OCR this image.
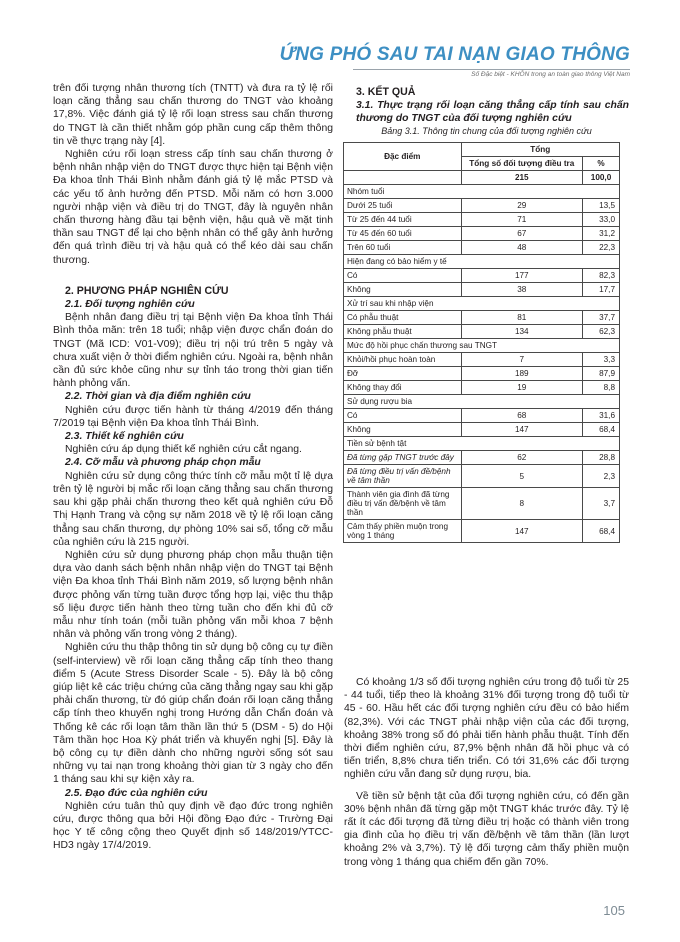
ỨNG PHÓ SAU TAI NẠN GIAO THÔNG
Số Đặc biệt - KHÔN trong an toàn giao thông Việt Nam

trên đối tượng nhân thương tích (TNTT) và đưa ra tỷ lệ rối loạn căng thẳng sau chấn thương do TNGT vào khoảng 17,8%. Việc đánh giá tỷ lệ rối loạn stress sau chấn thương do TNGT là cần thiết nhằm góp phần cung cấp thêm thông tin về thực trạng này [4].

Nghiên cứu rối loạn stress cấp tính sau chấn thương ở bệnh nhân nhập viện do TNGT được thực hiện tại Bệnh viện Đa khoa tỉnh Thái Bình nhằm đánh giá tỷ lệ mắc PTSD và các yếu tố ảnh hưởng đến PTSD. Mỗi năm có hơn 3.000 người nhập viện và điều trị do TNGT, đây là nguyên nhân chấn thương hàng đầu tại bệnh viện, hậu quả về mặt tinh thần sau TNGT để lại cho bệnh nhân có thể gây ảnh hưởng đến quá trình điều trị và hậu quả có thể kéo dài sau chấn thương.

2. PHƯƠNG PHÁP NGHIÊN CỨU

2.1. Đối tượng nghiên cứu

Bệnh nhân đang điều trị tại Bệnh viện Đa khoa tỉnh Thái Bình thỏa mãn: trên 18 tuổi; nhập viện được chẩn đoán do TNGT (Mã ICD: V01-V09); điều trị nội trú trên 5 ngày và chưa xuất viện ở thời điểm nghiên cứu. Ngoài ra, bệnh nhân cần đủ sức khỏe cũng như sự tỉnh táo trong thời gian tiến hành phỏng vấn.

2.2. Thời gian và địa điểm nghiên cứu

Nghiên cứu được tiến hành từ tháng 4/2019 đến tháng 7/2019 tại Bệnh viện Đa khoa tỉnh Thái Bình.

2.3. Thiết kế nghiên cứu

Nghiên cứu áp dụng thiết kế nghiên cứu cắt ngang.

2.4. Cỡ mẫu và phương pháp chọn mẫu

Nghiên cứu sử dụng công thức tính cỡ mẫu một tỉ lệ dựa trên tỷ lệ người bị mắc rối loạn căng thẳng sau chấn thương sau khi gặp phải chấn thương theo kết quả nghiên cứu Đỗ Thị Hạnh Trang và cộng sự năm 2018 về tỷ lệ rối loạn căng thẳng sau chấn thương, dự phòng 10% sai số, tổng cỡ mẫu của nghiên cứu là 215 người.

Nghiên cứu sử dụng phương pháp chọn mẫu thuận tiện dựa vào danh sách bệnh nhân nhập viện do TNGT tại Bệnh viện Đa khoa tỉnh Thái Bình năm 2019, số lượng bệnh nhân được phỏng vấn từng tuần được tổng hợp lại, việc thu thập số liệu được tiến hành theo từng tuần cho đến khi đủ cỡ mẫu như tính toán (mỗi tuần phỏng vấn mỗi khoa 7 bệnh nhân và phỏng vấn trong vòng 2 tháng).

Nghiên cứu thu thập thông tin sử dụng bộ công cụ tự điền (self-interview) về rối loạn căng thẳng cấp tính theo thang điểm 5 (Acute Stress Disorder Scale - 5). Đây là bộ công giúp liệt kê các triệu chứng của căng thẳng ngay sau khi gặp phải chấn thương, từ đó giúp chẩn đoán rối loạn căng thẳng cấp tính theo khuyến nghị trong Hướng dẫn Chẩn đoán và Thống kê các rối loạn tâm thần lần thứ 5 (DSM - 5) do Hội Tâm thần học Hoa Kỳ phát triển và khuyến nghị [5]. Đây là bộ công cụ tự điền dành cho những người sống sót sau những vụ tai nạn trong khoảng thời gian từ 3 ngày cho đến 1 tháng sau khi sự kiện xảy ra.

2.5. Đạo đức của nghiên cứu

Nghiên cứu tuân thủ quy định về đạo đức trong nghiên cứu, được thông qua bởi Hội đồng Đạo đức - Trường Đại học Y tế công cộng theo Quyết định số 148/2019/YTCC-HD3 ngày 17/4/2019.

3. KẾT QUẢ
3.1. Thực trạng rối loạn căng thẳng cấp tính sau chấn thương do TNGT của đối tượng nghiên cứu
Bảng 3.1. Thông tin chung của đối tượng nghiên cứu
Đặc điểm	Tổng	
	Tổng số đối tượng điều tra	%
	215	100,0
Nhóm tuổi		
Dưới 25 tuổi	29	13,5
Từ 25 đến 44 tuổi	71	33,0
Từ 45 đến 60 tuổi	67	31,2
Trên 60 tuổi	48	22,3
Hiện đang có bảo hiểm y tế		
Có	177	82,3
Không	38	17,7
Xử trí sau khi nhập viện		
Có phẫu thuật	81	37,7
Không phẫu thuật	134	62,3
Mức độ hồi phục chấn thương sau TNGT		
Khỏi/hồi phục hoàn toàn	7	3,3
Đỡ	189	87,9
Không thay đổi	19	8,8
Sử dụng rượu bia		
Có	68	31,6
Không	147	68,4
Tiền sử bệnh tật		
Đã từng gặp TNGT trước đây	62	28,8
Đã từng điều trị vấn đề/bệnh về tâm thần	5	2,3
Thành viên gia đình đã từng điều trị vấn đề/bệnh về tâm thần	8	3,7
Cảm thấy phiền muộn trong vòng 1 tháng	147	68,4

Có khoảng 1/3 số đối tượng nghiên cứu trong độ tuổi từ 25 - 44 tuổi, tiếp theo là khoảng 31% đối tượng trong độ tuổi từ 45 - 60. Hầu hết các đối tượng nghiên cứu đều có bảo hiểm (82,3%). Với các TNGT phải nhập viện của các đối tượng, khoảng 38% trong số đó phải tiến hành phẫu thuật. Tính đến thời điểm nghiên cứu, 87,9% bệnh nhân đã hồi phục và có tiến triển, 8,8% chưa tiến triển. Có tới 31,6% các đối tượng nghiên cứu vẫn đang sử dụng rượu, bia.

Về tiền sử bệnh tật của đối tượng nghiên cứu, có đến gần 30% bệnh nhân đã từng gặp một TNGT khác trước đây. Tỷ lệ rất ít các đối tượng đã từng điều trị hoặc có thành viên trong gia đình của họ điều trị vấn đề/bệnh về tâm thần (lần lượt khoảng 2% và 3,7%). Tỷ lệ đối tượng cảm thấy phiền muộn trong vòng 1 tháng qua chiếm đến gần 70%.

105
